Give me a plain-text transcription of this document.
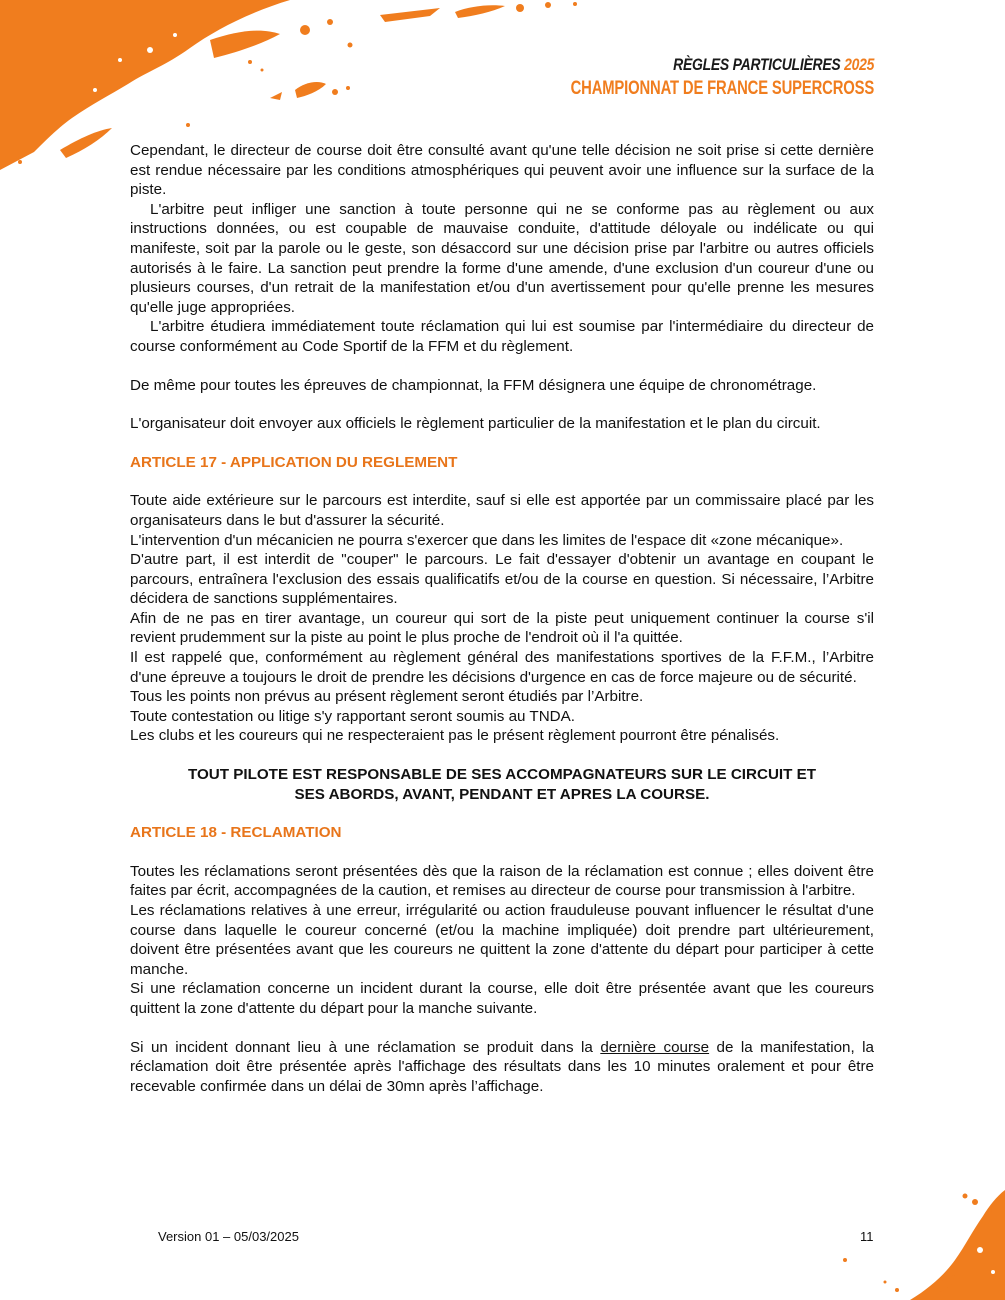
RÈGLES PARTICULIÈRES 2025
CHAMPIONNAT DE FRANCE SUPERCROSS

Cependant, le directeur de course doit être consulté avant qu'une telle décision ne soit prise si cette dernière est rendue nécessaire par les conditions atmosphériques qui peuvent avoir une influence sur la surface de la piste.

L'arbitre peut infliger une sanction à toute personne qui ne se conforme pas au règlement ou aux instructions données, ou est coupable de mauvaise conduite, d'attitude déloyale ou indélicate ou qui manifeste, soit par la parole ou le geste, son désaccord sur une décision prise par l'arbitre ou autres officiels autorisés à le faire. La sanction peut prendre la forme d'une amende, d'une exclusion d'un coureur d'une ou plusieurs courses, d'un retrait de la manifestation et/ou d'un avertissement pour qu'elle prenne les mesures qu'elle juge appropriées.

L'arbitre étudiera immédiatement toute réclamation qui lui est soumise par l'intermédiaire du directeur de course conformément au Code Sportif de la FFM et du règlement.

De même pour toutes les épreuves de championnat, la FFM désignera une équipe de chronométrage.

L'organisateur doit envoyer aux officiels le règlement particulier de la manifestation et le plan du circuit.

ARTICLE 17 - APPLICATION DU REGLEMENT

Toute aide extérieure sur le parcours est interdite, sauf si elle est apportée par un commissaire placé par les organisateurs dans le but d'assurer la sécurité.

L'intervention d'un mécanicien ne pourra s'exercer que dans les limites de l'espace dit «zone mécanique».

D'autre part, il est interdit de "couper" le parcours. Le fait d'essayer d'obtenir un avantage en coupant le parcours, entraînera l'exclusion des essais qualificatifs et/ou de la course en question. Si nécessaire, l’Arbitre décidera de sanctions supplémentaires.

Afin de ne pas en tirer avantage, un coureur qui sort de la piste peut uniquement continuer la course s'il revient prudemment sur la piste au point le plus proche de l'endroit où il l'a quittée.

Il est rappelé que, conformément au règlement général des manifestations sportives de la F.F.M., l’Arbitre d'une épreuve a toujours le droit de prendre les décisions d'urgence en cas de force majeure ou de sécurité.

Tous les points non prévus au présent règlement seront étudiés par l’Arbitre.

Toute contestation ou litige s'y rapportant seront soumis au TNDA.

Les clubs et les coureurs qui ne respecteraient pas le présent règlement pourront être pénalisés.

TOUT PILOTE EST RESPONSABLE DE SES ACCOMPAGNATEURS SUR LE CIRCUIT ET
SES ABORDS, AVANT, PENDANT ET APRES LA COURSE.
ARTICLE 18 - RECLAMATION

Toutes les réclamations seront présentées dès que la raison de la réclamation est connue ; elles doivent être faites par écrit, accompagnées de la caution, et remises au directeur de course pour transmission à l'arbitre.

Les réclamations relatives à une erreur, irrégularité ou action frauduleuse pouvant influencer le résultat d'une course dans laquelle le coureur concerné (et/ou la machine impliquée) doit prendre part ultérieurement, doivent être présentées avant que les coureurs ne quittent la zone d'attente du départ pour participer à cette manche.

Si une réclamation concerne un incident durant la course, elle doit être présentée avant que les coureurs quittent la zone d'attente du départ pour la manche suivante.

Si un incident donnant lieu à une réclamation se produit dans la dernière course de la manifestation, la réclamation doit être présentée après l'affichage des résultats dans les 10 minutes oralement et pour être recevable confirmée dans un délai de 30mn après l’affichage.

Version 01 – 05/03/2025	11
